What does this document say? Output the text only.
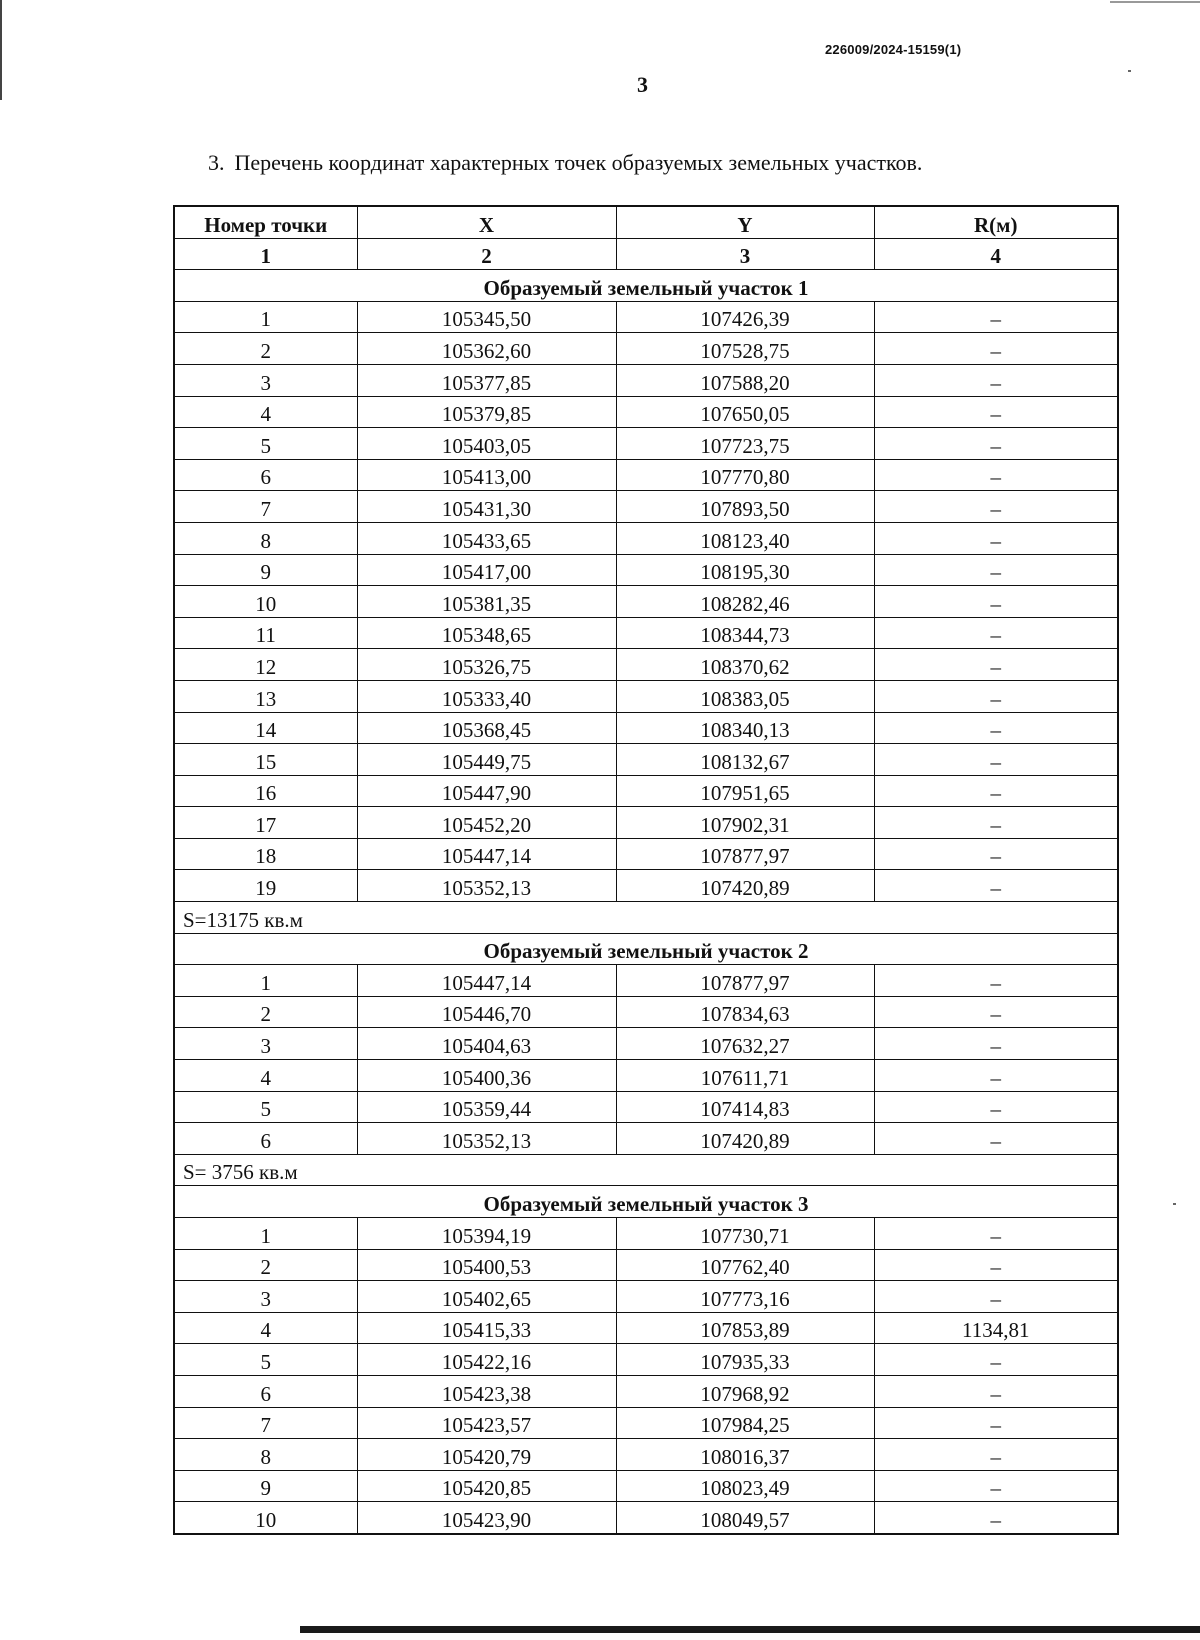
226009/2024-15159(1)
3
3. Перечень координат характерных точек образуемых земельных участков.
Номер точки	X	Y	R(м)
1	2	3	4
Образуемый земельный участок 1			
1	105345,50	107426,39	–
2	105362,60	107528,75	–
3	105377,85	107588,20	–
4	105379,85	107650,05	–
5	105403,05	107723,75	–
6	105413,00	107770,80	–
7	105431,30	107893,50	–
8	105433,65	108123,40	–
9	105417,00	108195,30	–
10	105381,35	108282,46	–
11	105348,65	108344,73	–
12	105326,75	108370,62	–
13	105333,40	108383,05	–
14	105368,45	108340,13	–
15	105449,75	108132,67	–
16	105447,90	107951,65	–
17	105452,20	107902,31	–
18	105447,14	107877,97	–
19	105352,13	107420,89	–
S=13175 кв.м			
Образуемый земельный участок 2			
1	105447,14	107877,97	–
2	105446,70	107834,63	–
3	105404,63	107632,27	–
4	105400,36	107611,71	–
5	105359,44	107414,83	–
6	105352,13	107420,89	–
S= 3756 кв.м			
Образуемый земельный участок 3			
1	105394,19	107730,71	–
2	105400,53	107762,40	–
3	105402,65	107773,16	–
4	105415,33	107853,89	1134,81
5	105422,16	107935,33	–
6	105423,38	107968,92	–
7	105423,57	107984,25	–
8	105420,79	108016,37	–
9	105420,85	108023,49	–
10	105423,90	108049,57	–
